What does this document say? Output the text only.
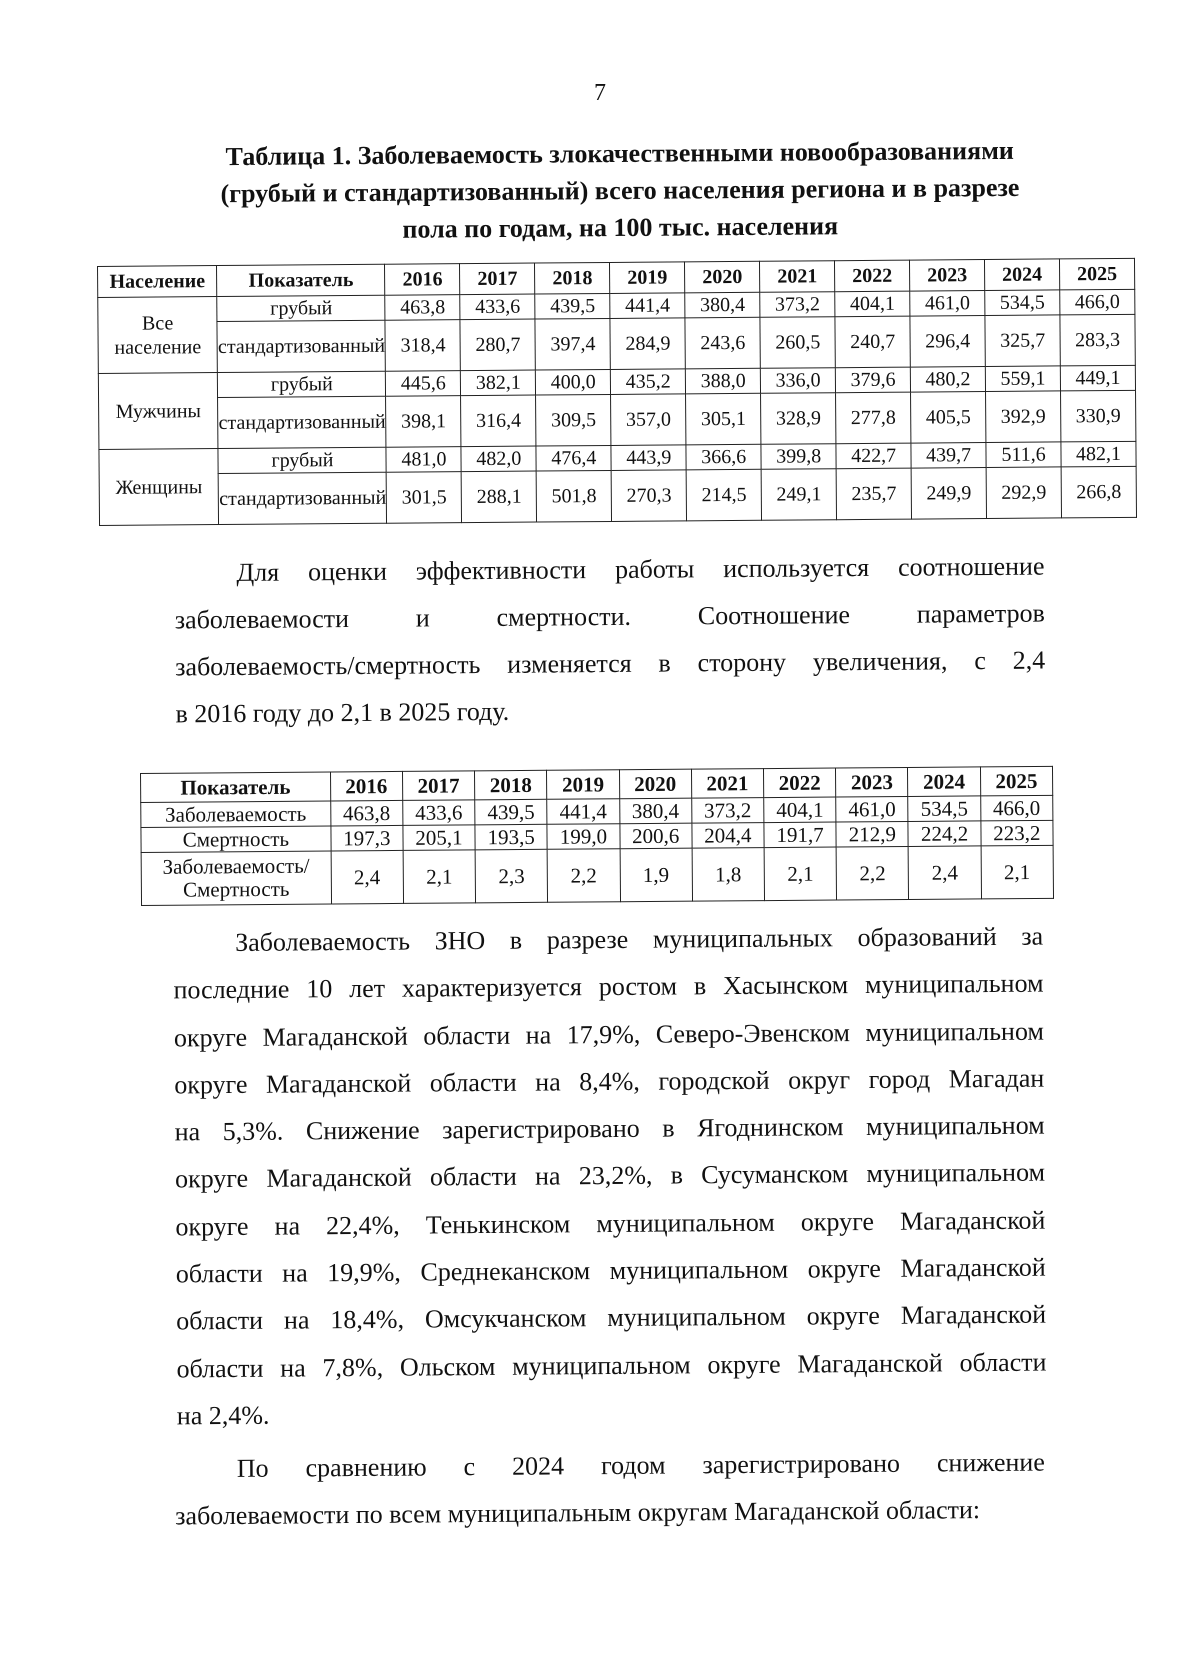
7
Таблица 1. Заболеваемость злокачественными новообразованиями
(грубый и стандартизованный) всего населения региона и в разрезе
пола по годам, на 100 тыс. населения
Население	Показатель	2016	2017	2018	2019	2020	2021	2022	2023	2024	2025
Все население	грубый	463,8	433,6	439,5	441,4	380,4	373,2	404,1	461,0	534,5	466,0
	стандартизованный	318,4	280,7	397,4	284,9	243,6	260,5	240,7	296,4	325,7	283,3
Мужчины	грубый	445,6	382,1	400,0	435,2	388,0	336,0	379,6	480,2	559,1	449,1
	стандартизованный	398,1	316,4	309,5	357,0	305,1	328,9	277,8	405,5	392,9	330,9
Женщины	грубый	481,0	482,0	476,4	443,9	366,6	399,8	422,7	439,7	511,6	482,1
	стандартизованный	301,5	288,1	501,8	270,3	214,5	249,1	235,7	249,9	292,9	266,8
Для оценки эффективности работы используется соотношение
заболеваемости и смертности. Соотношение параметров
заболеваемость/смертность изменяется в сторону увеличения, с 2,4
в 2016 году до 2,1 в 2025 году.
Показатель	2016	2017	2018	2019	2020	2021	2022	2023	2024	2025
Заболеваемость	463,8	433,6	439,5	441,4	380,4	373,2	404,1	461,0	534,5	466,0
Смертность	197,3	205,1	193,5	199,0	200,6	204,4	191,7	212,9	224,2	223,2
Заболеваемость/ Смертность	2,4	2,1	2,3	2,2	1,9	1,8	2,1	2,2	2,4	2,1
Заболеваемость ЗНО в разрезе муниципальных образований за
последние 10 лет характеризуется ростом в Хасынском муниципальном
округе Магаданской области на 17,9%, Северо-Эвенском муниципальном
округе Магаданской области на 8,4%, городской округ город Магадан
на 5,3%. Снижение зарегистрировано в Ягоднинском муниципальном
округе Магаданской области на 23,2%, в Сусуманском муниципальном
округе на 22,4%, Тенькинском муниципальном округе Магаданской
области на 19,9%, Среднеканском муниципальном округе Магаданской
области на 18,4%, Омсукчанском муниципальном округе Магаданской
области на 7,8%, Ольском муниципальном округе Магаданской области
на 2,4%.
По сравнению с 2024 годом зарегистрировано снижение
заболеваемости по всем муниципальным округам Магаданской области:
